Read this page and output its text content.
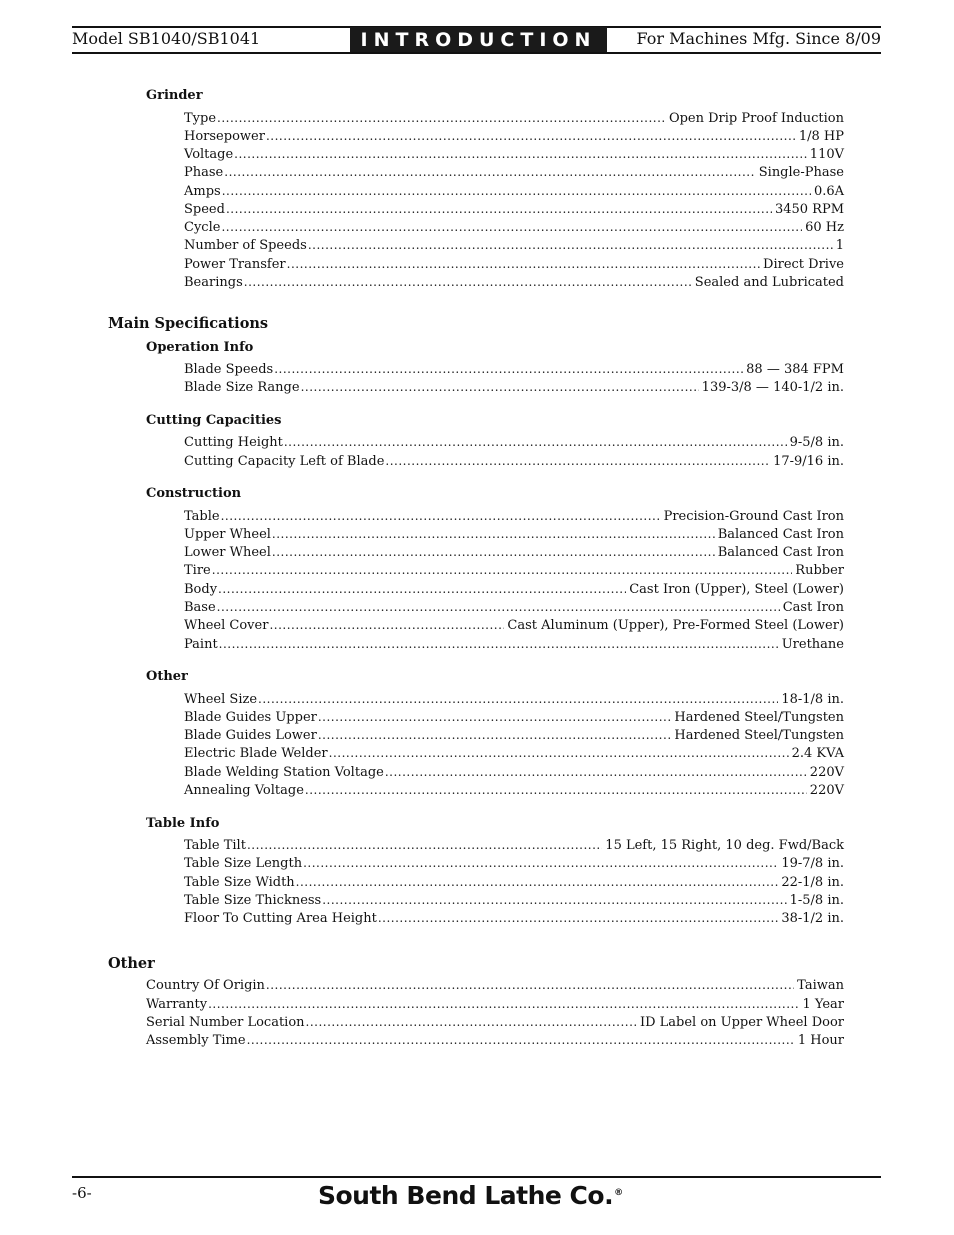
Model SB1040/SB1041	INTRODUCTION	For Machines Mfg. Since 8/09
Grinder
Type .....	Open Drip Proof Induction
Horsepower .....	1/8 HP
Voltage .....	110V
Phase .....	Single-Phase
Amps .....	0.6A
Speed .....	3450 RPM
Cycle .....	60 Hz
Number of Speeds .....	1
Power Transfer .....	Direct Drive
Bearings .....	Sealed and Lubricated
Main Specifications
Operation Info
Blade Speeds .....	88 — 384 FPM
Blade Size Range .....	139-3/8 — 140-1/2 in.
Cutting Capacities
Cutting Height .....	9-5/8 in.
Cutting Capacity Left of Blade .....	17-9/16 in.
Construction
Table .....	Precision-Ground Cast Iron
Upper Wheel .....	Balanced Cast Iron
Lower Wheel .....	Balanced Cast Iron
Tire .....	Rubber
Body .....	Cast Iron (Upper), Steel (Lower)
Base .....	Cast Iron
Wheel Cover .....	Cast Aluminum (Upper), Pre-Formed Steel (Lower)
Paint .....	Urethane
Other
Wheel Size .....	18-1/8 in.
Blade Guides Upper .....	Hardened Steel/Tungsten
Blade Guides Lower .....	Hardened Steel/Tungsten
Electric Blade Welder .....	2.4 KVA
Blade Welding Station Voltage .....	220V
Annealing Voltage .....	220V
Table Info
Table Tilt .....	15 Left, 15 Right, 10 deg. Fwd/Back
Table Size Length .....	19-7/8 in.
Table Size Width .....	22-1/8 in.
Table Size Thickness .....	1-5/8 in.
Floor To Cutting Area Height .....	38-1/2 in.
Other
Country Of Origin .....	Taiwan
Warranty .....	1 Year
Serial Number Location .....	ID Label on Upper Wheel Door
Assembly Time .....	1 Hour
-6-	South Bend Lathe Co.®
